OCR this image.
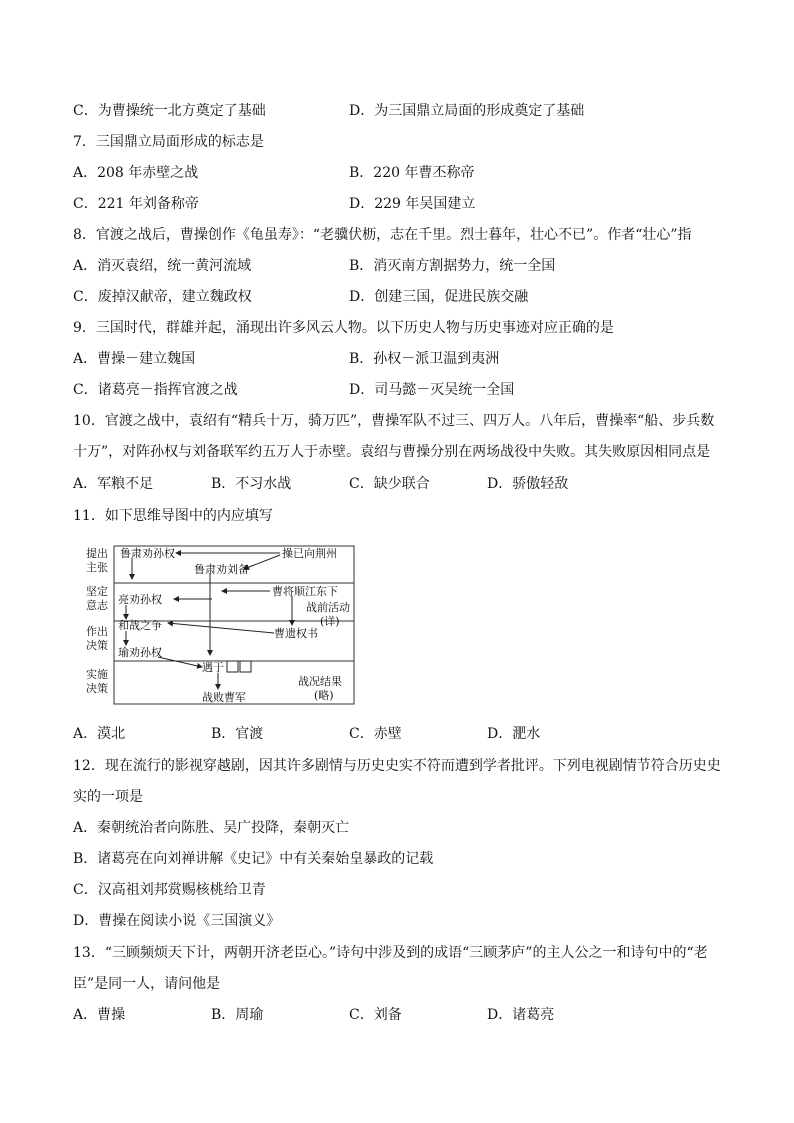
C．为曹操统一北方奠定了基础	D．为三国鼎立局面的形成奠定了基础
7．三国鼎立局面形成的标志是
A．208 年赤壁之战	B．220 年曹丕称帝
C．221 年刘备称帝	D．229 年吴国建立
8．官渡之战后，曹操创作《龟虽寿》：“老骥伏枥，志在千里。烈士暮年，壮心不已”。作者“壮心”指
A．消灭袁绍，统一黄河流域	B．消灭南方割据势力，统一全国
C．废掉汉献帝，建立魏政权	D．创建三国，促进民族交融
9．三国时代，群雄并起，涌现出许多风云人物。以下历史人物与历史事迹对应正确的是
A．曹操－建立魏国	B．孙权－派卫温到夷洲
C．诸葛亮－指挥官渡之战	D．司马懿－灭吴统一全国
10．官渡之战中，袁绍有“精兵十万，骑万匹”，曹操军队不过三、四万人。八年后，曹操率“船、步兵数
十万”，对阵孙权与刘备联军约五万人于赤壁。袁绍与曹操分别在两场战役中失败。其失败原因相同点是
A．军粮不足	B．不习水战	C．缺少联合	D．骄傲轻敌
11．如下思维导图中的内应填写
鲁肃劝孙权	操已向荆州
鲁肃劝刘备
曹将顺江东下
亮劝孙权
战前活动
(详)
和战之争
曹遗权书
瑜劝孙权
遇于
战败曹军
战况结果
(略)
提出主张
坚定意志
作出决策
实施决策
A．漠北	B．官渡	C．赤壁	D．淝水
12．现在流行的影视穿越剧，因其许多剧情与历史史实不符而遭到学者批评。下列电视剧情节符合历史史
实的一项是
A．秦朝统治者向陈胜、吴广投降，秦朝灭亡
B．诸葛亮在向刘禅讲解《史记》中有关秦始皇暴政的记载
C．汉高祖刘邦赏赐核桃给卫青
D．曹操在阅读小说《三国演义》
13．“三顾频烦天下计，两朝开济老臣心。”诗句中涉及到的成语“三顾茅庐”的主人公之一和诗句中的“老
臣”是同一人，请问他是
A．曹操	B．周瑜	C．刘备	D．诸葛亮
